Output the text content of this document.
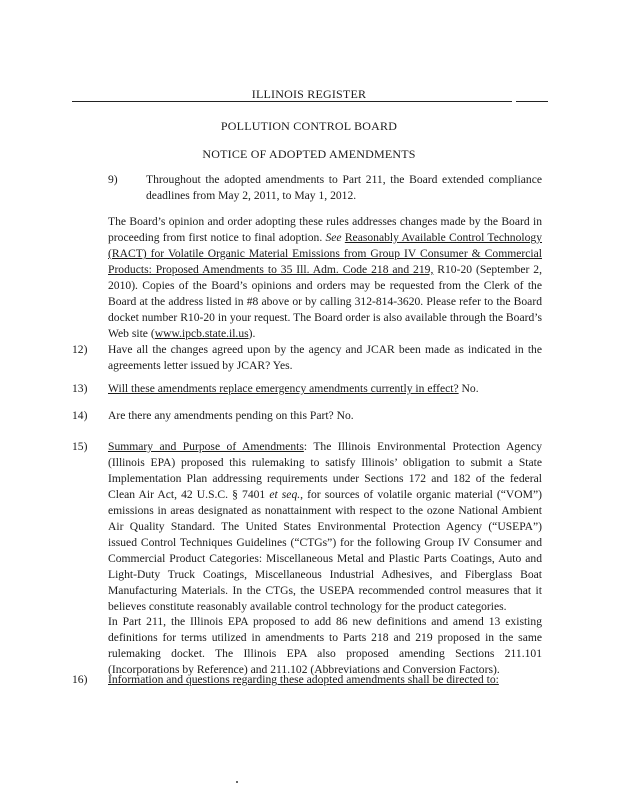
ILLINOIS REGISTER
POLLUTION CONTROL BOARD
NOTICE OF ADOPTED AMENDMENTS
9) Throughout the adopted amendments to Part 211, the Board extended compliance deadlines from May 2, 2011, to May 1, 2012.
The Board’s opinion and order adopting these rules addresses changes made by the Board in proceeding from first notice to final adoption. See Reasonably Available Control Technology (RACT) for Volatile Organic Material Emissions from Group IV Consumer & Commercial Products: Proposed Amendments to 35 Ill. Adm. Code 218 and 219, R10-20 (September 2, 2010). Copies of the Board’s opinions and orders may be requested from the Clerk of the Board at the address listed in #8 above or by calling 312-814-3620. Please refer to the Board docket number R10-20 in your request. The Board order is also available through the Board’s Web site (www.ipcb.state.il.us).
12) Have all the changes agreed upon by the agency and JCAR been made as indicated in the agreements letter issued by JCAR? Yes.
13) Will these amendments replace emergency amendments currently in effect? No.
14) Are there any amendments pending on this Part? No.
15) Summary and Purpose of Amendments: The Illinois Environmental Protection Agency (Illinois EPA) proposed this rulemaking to satisfy Illinois’ obligation to submit a State Implementation Plan addressing requirements under Sections 172 and 182 of the federal Clean Air Act, 42 U.S.C. § 7401 et seq., for sources of volatile organic material (“VOM”) emissions in areas designated as nonattainment with respect to the ozone National Ambient Air Quality Standard. The United States Environmental Protection Agency (“USEPA”) issued Control Techniques Guidelines (“CTGs”) for the following Group IV Consumer and Commercial Product Categories: Miscellaneous Metal and Plastic Parts Coatings, Auto and Light-Duty Truck Coatings, Miscellaneous Industrial Adhesives, and Fiberglass Boat Manufacturing Materials. In the CTGs, the USEPA recommended control measures that it believes constitute reasonably available control technology for the product categories.
In Part 211, the Illinois EPA proposed to add 86 new definitions and amend 13 existing definitions for terms utilized in amendments to Parts 218 and 219 proposed in the same rulemaking docket. The Illinois EPA also proposed amending Sections 211.101 (Incorporations by Reference) and 211.102 (Abbreviations and Conversion Factors).
16) Information and questions regarding these adopted amendments shall be directed to:
